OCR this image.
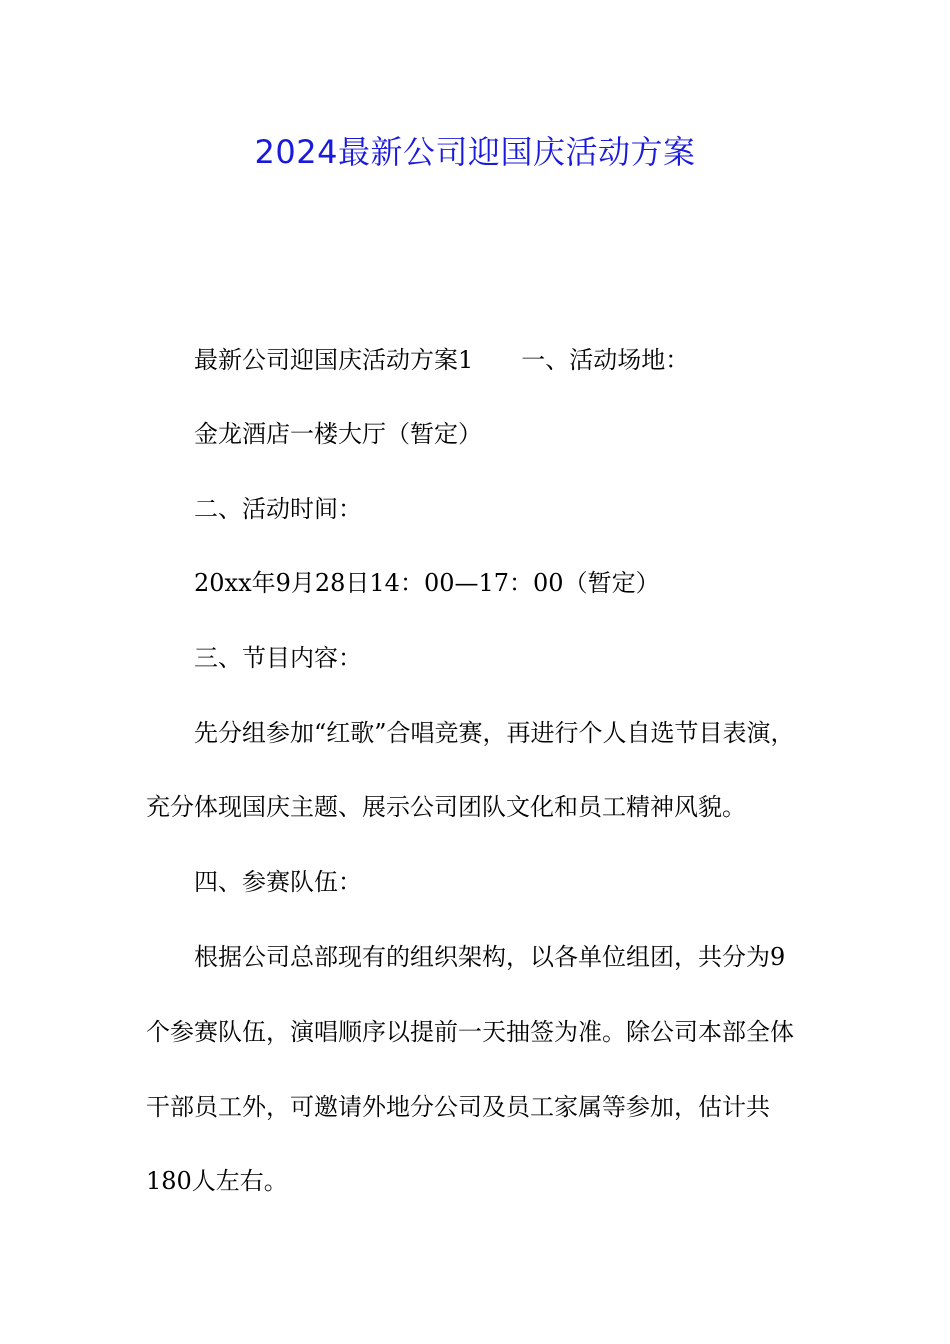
2024最新公司迎国庆活动方案
最新公司迎国庆活动方案1 一、活动场地：
金龙酒店一楼大厅（暂定）
二、活动时间：
20xx年9月28日14：00—17：00（暂定）
三、节目内容：
先分组参加“红歌”合唱竞赛，再进行个人自选节目表演，
充分体现国庆主题、展示公司团队文化和员工精神风貌。
四、参赛队伍：
根据公司总部现有的组织架构，以各单位组团，共分为9
个参赛队伍，演唱顺序以提前一天抽签为准。除公司本部全体
干部员工外，可邀请外地分公司及员工家属等参加，估计共
180人左右。
